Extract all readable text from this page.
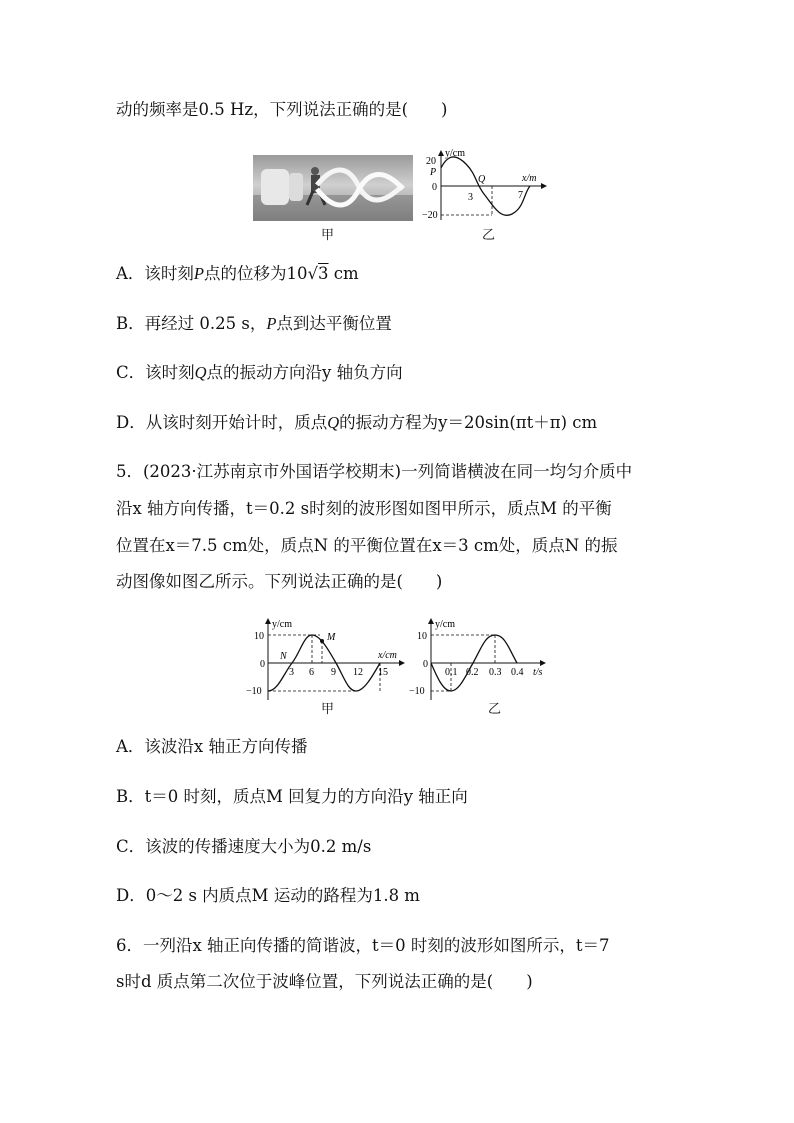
动的频率是0.5 Hz，下列说法正确的是(　　)
甲
y/cm
x/m
20
P
0
−20
Q
3	7
乙
A．该时刻P点的位移为10√3 cm
B．再经过 0.25 s，P点到达平衡位置
C．该时刻Q点的振动方向沿y 轴负方向
D．从该时刻开始计时，质点Q的振动方程为y＝20sin(πt＋π) cm
5．(2023·江苏南京市外国语学校期末)一列简谐横波在同一均匀介质中
沿x 轴方向传播，t＝0.2 s时刻的波形图如图甲所示，质点M 的平衡
位置在x＝7.5 cm处，质点N 的平衡位置在x＝3 cm处，质点N 的振
动图像如图乙所示。下列说法正确的是(　　)
y/cm
x/cm
10
0
−10
N
M
3 6 9 12 15
甲
y/cm
t/s
10
0
−10
0.1 0.2 0.3 0.4
乙
A．该波沿x 轴正方向传播
B．t＝0 时刻，质点M 回复力的方向沿y 轴正向
C．该波的传播速度大小为0.2 m/s
D．0～2 s 内质点M 运动的路程为1.8 m
6．一列沿x 轴正向传播的简谐波，t＝0 时刻的波形如图所示，t＝7
s时d 质点第二次位于波峰位置，下列说法正确的是(　　)
